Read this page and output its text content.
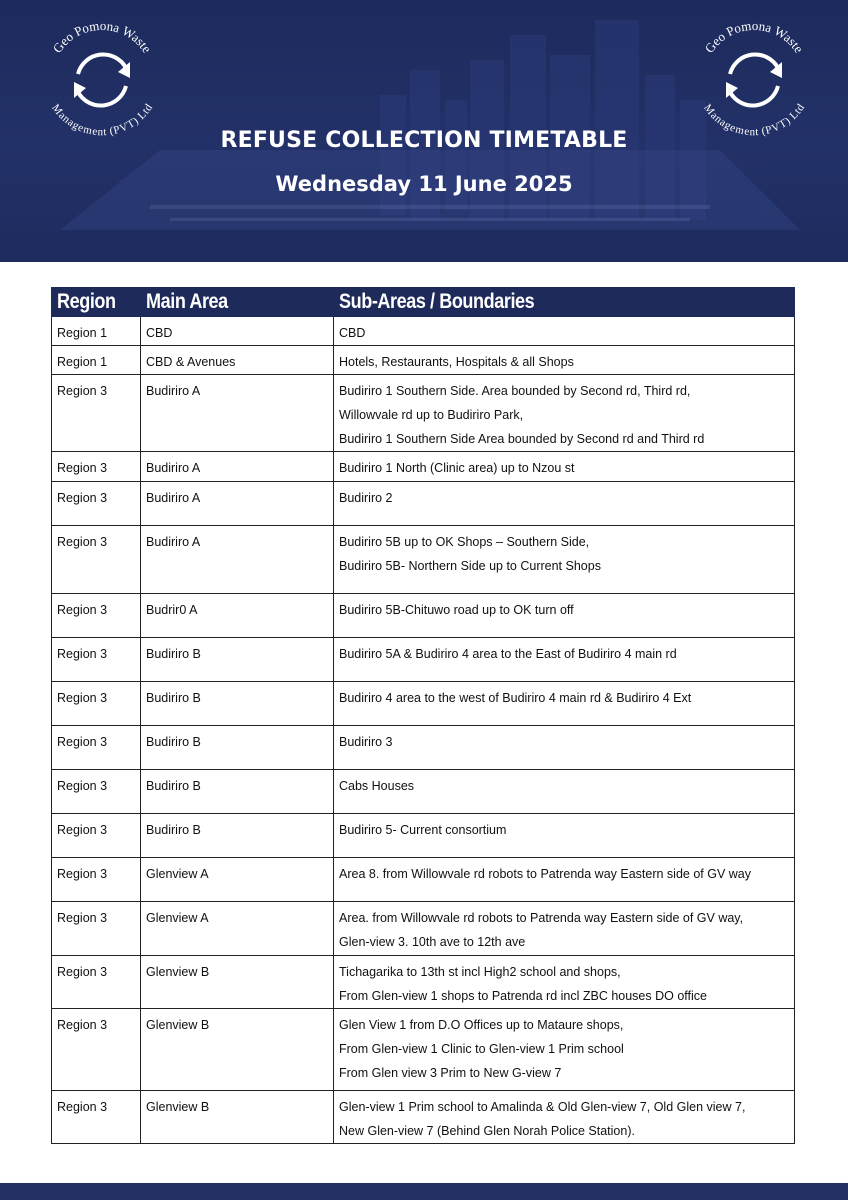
Geo Pomona Waste
Management (PVT) Ltd
Geo Pomona Waste
Management (PVT) Ltd
REFUSE COLLECTION TIMETABLE
Wednesday 11 June 2025
Region	Main Area	Sub-Areas / Boundaries
Region 1	CBD	CBD

Region 1	CBD & Avenues	Hotels, Restaurants, Hospitals & all Shops

Region 3	Budiriro A	Budiriro 1 Southern Side. Area bounded by Second rd, Third rd,
Willowvale rd up to Budiriro Park,
Budiriro 1 Southern Side Area bounded by Second rd and Third rd

Region 3	Budiriro A	Budiriro 1 North (Clinic area) up to Nzou st

Region 3	Budiriro A	Budiriro 2

Region 3	Budiriro A	Budiriro 5B up to OK Shops – Southern Side,
Budiriro 5B- Northern Side up to Current Shops

Region 3	Budrir0 A	Budiriro 5B-Chituwo road up to OK turn off

Region 3	Budiriro B	Budiriro 5A & Budiriro 4 area to the East of Budiriro 4 main rd

Region 3	Budiriro B	Budiriro 4 area to the west of Budiriro 4 main rd & Budiriro 4 Ext

Region 3	Budiriro B	Budiriro 3

Region 3	Budiriro B	Cabs Houses

Region 3	Budiriro B	Budiriro 5- Current consortium

Region 3	Glenview A	Area 8. from Willowvale rd robots to Patrenda way Eastern side of GV way

Region 3	Glenview A	Area. from Willowvale rd robots to Patrenda way Eastern side of GV way,
Glen-view 3. 10th ave to 12th ave

Region 3	Glenview B	Tichagarika to 13th st incl High2 school and shops,
From Glen-view 1 shops to Patrenda rd incl ZBC houses DO office

Region 3	Glenview B	Glen View 1 from D.O Offices up to Mataure shops,
From Glen-view 1 Clinic to Glen-view 1 Prim school
From Glen view 3 Prim to New G-view 7

Region 3	Glenview B	Glen-view 1 Prim school to Amalinda & Old Glen-view 7, Old Glen view 7,
New Glen-view 7 (Behind Glen Norah Police Station).
